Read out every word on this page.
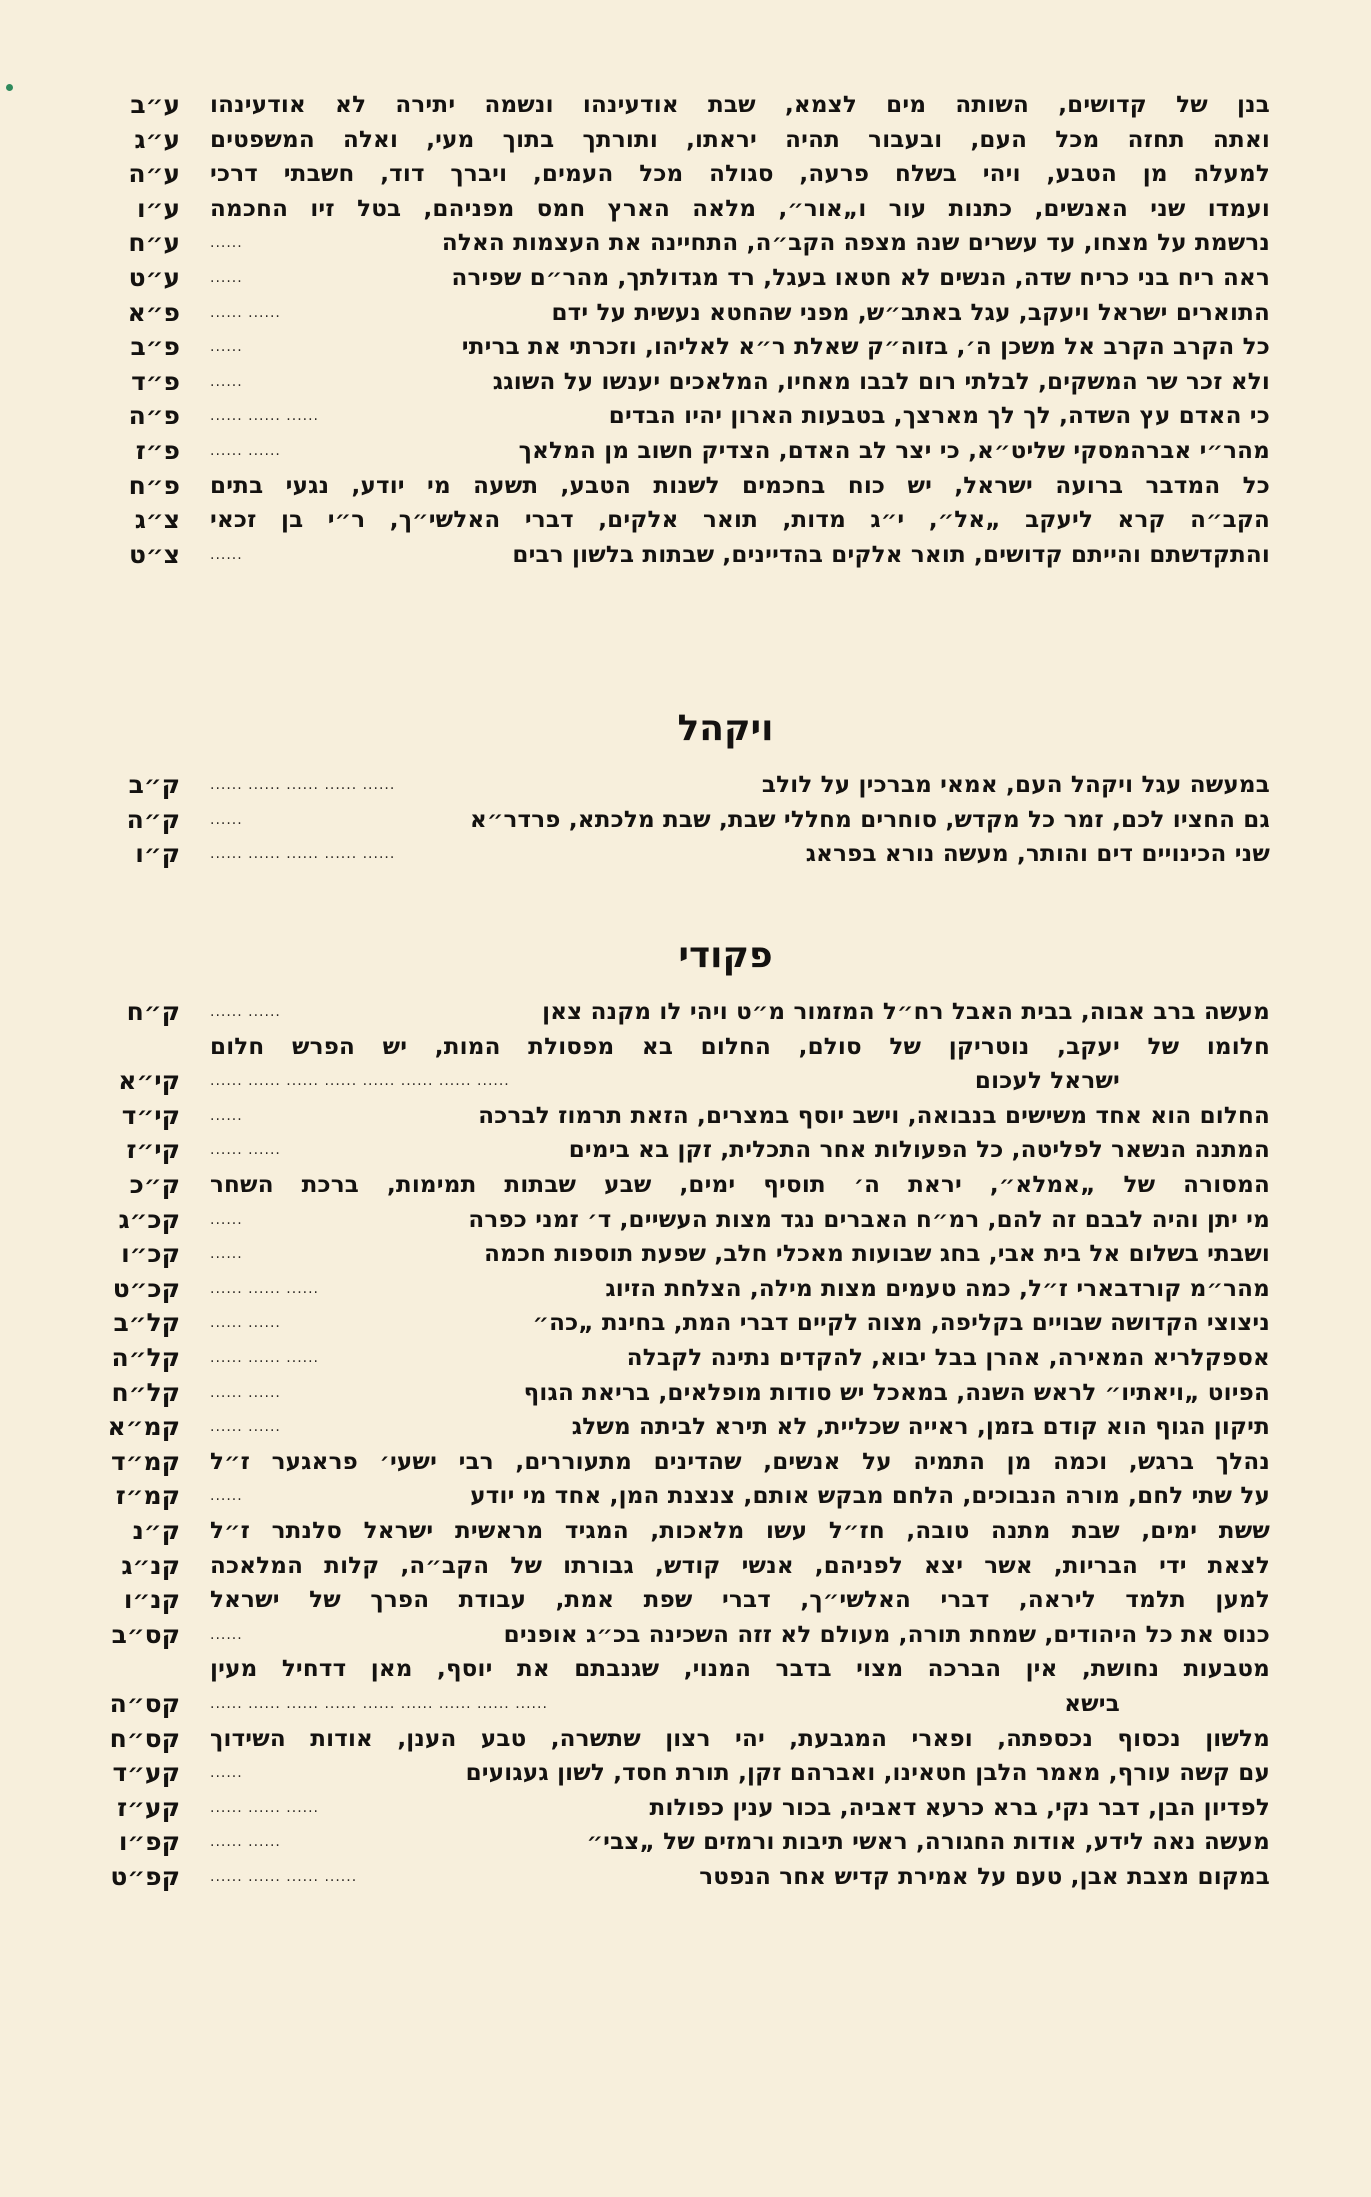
בנן של קדושים, השותה מים לצמא, שבת אודעינהו ונשמה יתירה לא אודעינהו
ע״ב
ואתה תחזה מכל העם, ובעבור תהיה יראתו, ותורתך בתוך מעי, ואלה המשפטים
ע״ג
למעלה מן הטבע, ויהי בשלח פרעה, סגולה מכל העמים, ויברך דוד, חשבתי דרכי
ע״ה
ועמדו שני האנשים, כתנות עור ו„אור״, מלאה הארץ חמס מפניהם, בטל זיו החכמה
ע״ו
נרשמת על מצחו, עד עשרים שנה מצפה הקב״ה, התחיינה את העצמות האלה
......
ע״ח
ראה ריח בני כריח שדה, הנשים לא חטאו בעגל, רד מגדולתך, מהר״ם שפירה
......
ע״ט
התוארים ישראל ויעקב, עגל באתב״ש, מפני שהחטא נעשית על ידם
...... ......
פ״א
כל הקרב הקרב אל משכן ה׳, בזוה״ק שאלת ר״א לאליהו, וזכרתי את בריתי
......
פ״ב
ולא זכר שר המשקים, לבלתי רום לבבו מאחיו, המלאכים יענשו על השוגג
......
פ״ד
כי האדם עץ השדה, לך לך מארצך, בטבעות הארון יהיו הבדים
...... ...... ......
פ״ה
מהר״י אברהמסקי שליט״א, כי יצר לב האדם, הצדיק חשוב מן המלאך
...... ......
פ״ז
כל המדבר ברועה ישראל, יש כוח בחכמים לשנות הטבע, תשעה מי יודע, נגעי בתים
פ״ח
הקב״ה קרא ליעקב „אל״, י״ג מדות, תואר אלקים, דברי האלשי״ך, ר״י בן זכאי
צ״ג
והתקדשתם והייתם קדושים, תואר אלקים בהדיינים, שבתות בלשון רבים
......
צ״ט
ויקהל
במעשה עגל ויקהל העם, אמאי מברכין על לולב
...... ...... ...... ...... ......
ק״ב
גם החציו לכם, זמר כל מקדש, סוחרים מחללי שבת, שבת מלכתא, פרדר״א
......
ק״ה
שני הכינויים דים והותר, מעשה נורא בפראג
...... ...... ...... ...... ......
ק״ו
פקודי
מעשה ברב אבוה, בבית האבל רח״ל המזמור מ״ט ויהי לו מקנה צאן
...... ......
ק״ח
חלומו של יעקב, נוטריקן של סולם, החלום בא מפסולת המות, יש הפרש חלום
ישראל לעכום
...... ...... ...... ...... ...... ...... ...... ......
קי״א
החלום הוא אחד משישים בנבואה, וישב יוסף במצרים, הזאת תרמוז לברכה
......
קי״ד
המתנה הנשאר לפליטה, כל הפעולות אחר התכלית, זקן בא בימים
...... ......
קי״ז
המסורה של „אמלא״, יראת ה׳ תוסיף ימים, שבע שבתות תמימות, ברכת השחר
ק״כ
מי יתן והיה לבבם זה להם, רמ״ח האברים נגד מצות העשיים, ד׳ זמני כפרה
......
קכ״ג
ושבתי בשלום אל בית אבי, בחג שבועות מאכלי חלב, שפעת תוספות חכמה
......
קכ״ו
מהר״מ קורדבארי ז״ל, כמה טעמים מצות מילה, הצלחת הזיוג
...... ...... ......
קכ״ט
ניצוצי הקדושה שבויים בקליפה, מצוה לקיים דברי המת, בחינת „כה״
...... ......
קל״ב
אספקלריא המאירה, אהרן בבל יבוא, להקדים נתינה לקבלה
...... ...... ......
קל״ה
הפיוט „ויאתיו״ לראש השנה, במאכל יש סודות מופלאים, בריאת הגוף
...... ......
קל״ח
תיקון הגוף הוא קודם בזמן, ראייה שכליית, לא תירא לביתה משלג
...... ......
קמ״א
נהלך ברגש, וכמה מן התמיה על אנשים, שהדינים מתעוררים, רבי ישעי׳ פראגער ז״ל
קמ״ד
על שתי לחם, מורה הנבוכים, הלחם מבקש אותם, צנצנת המן, אחד מי יודע
......
קמ״ז
ששת ימים, שבת מתנה טובה, חז״ל עשו מלאכות, המגיד מראשית ישראל סלנתר ז״ל
ק״נ
לצאת ידי הבריות, אשר יצא לפניהם, אנשי קודש, גבורתו של הקב״ה, קלות המלאכה
קנ״ג
למען תלמד ליראה, דברי האלשי״ך, דברי שפת אמת, עבודת הפרך של ישראל
קנ״ו
כנוס את כל היהודים, שמחת תורה, מעולם לא זזה השכינה בכ״ג אופנים
......
קס״ב
מטבעות נחושת, אין הברכה מצוי בדבר המנוי, שגנבתם את יוסף, מאן דדחיל מעין
בישא
...... ...... ...... ...... ...... ...... ...... ...... ......
קס״ה
מלשון נכסוף נכספתה, ופארי המגבעת, יהי רצון שתשרה, טבע הענן, אודות השידוך
קס״ח
עם קשה עורף, מאמר הלבן חטאינו, ואברהם זקן, תורת חסד, לשון געגועים
......
קע״ד
לפדיון הבן, דבר נקי, ברא כרעא דאביה, בכור ענין כפולות
...... ...... ......
קע״ז
מעשה נאה לידע, אודות החגורה, ראשי תיבות ורמזים של „צבי״
...... ......
קפ״ו
במקום מצבת אבן, טעם על אמירת קדיש אחר הנפטר
...... ...... ...... ......
קפ״ט
